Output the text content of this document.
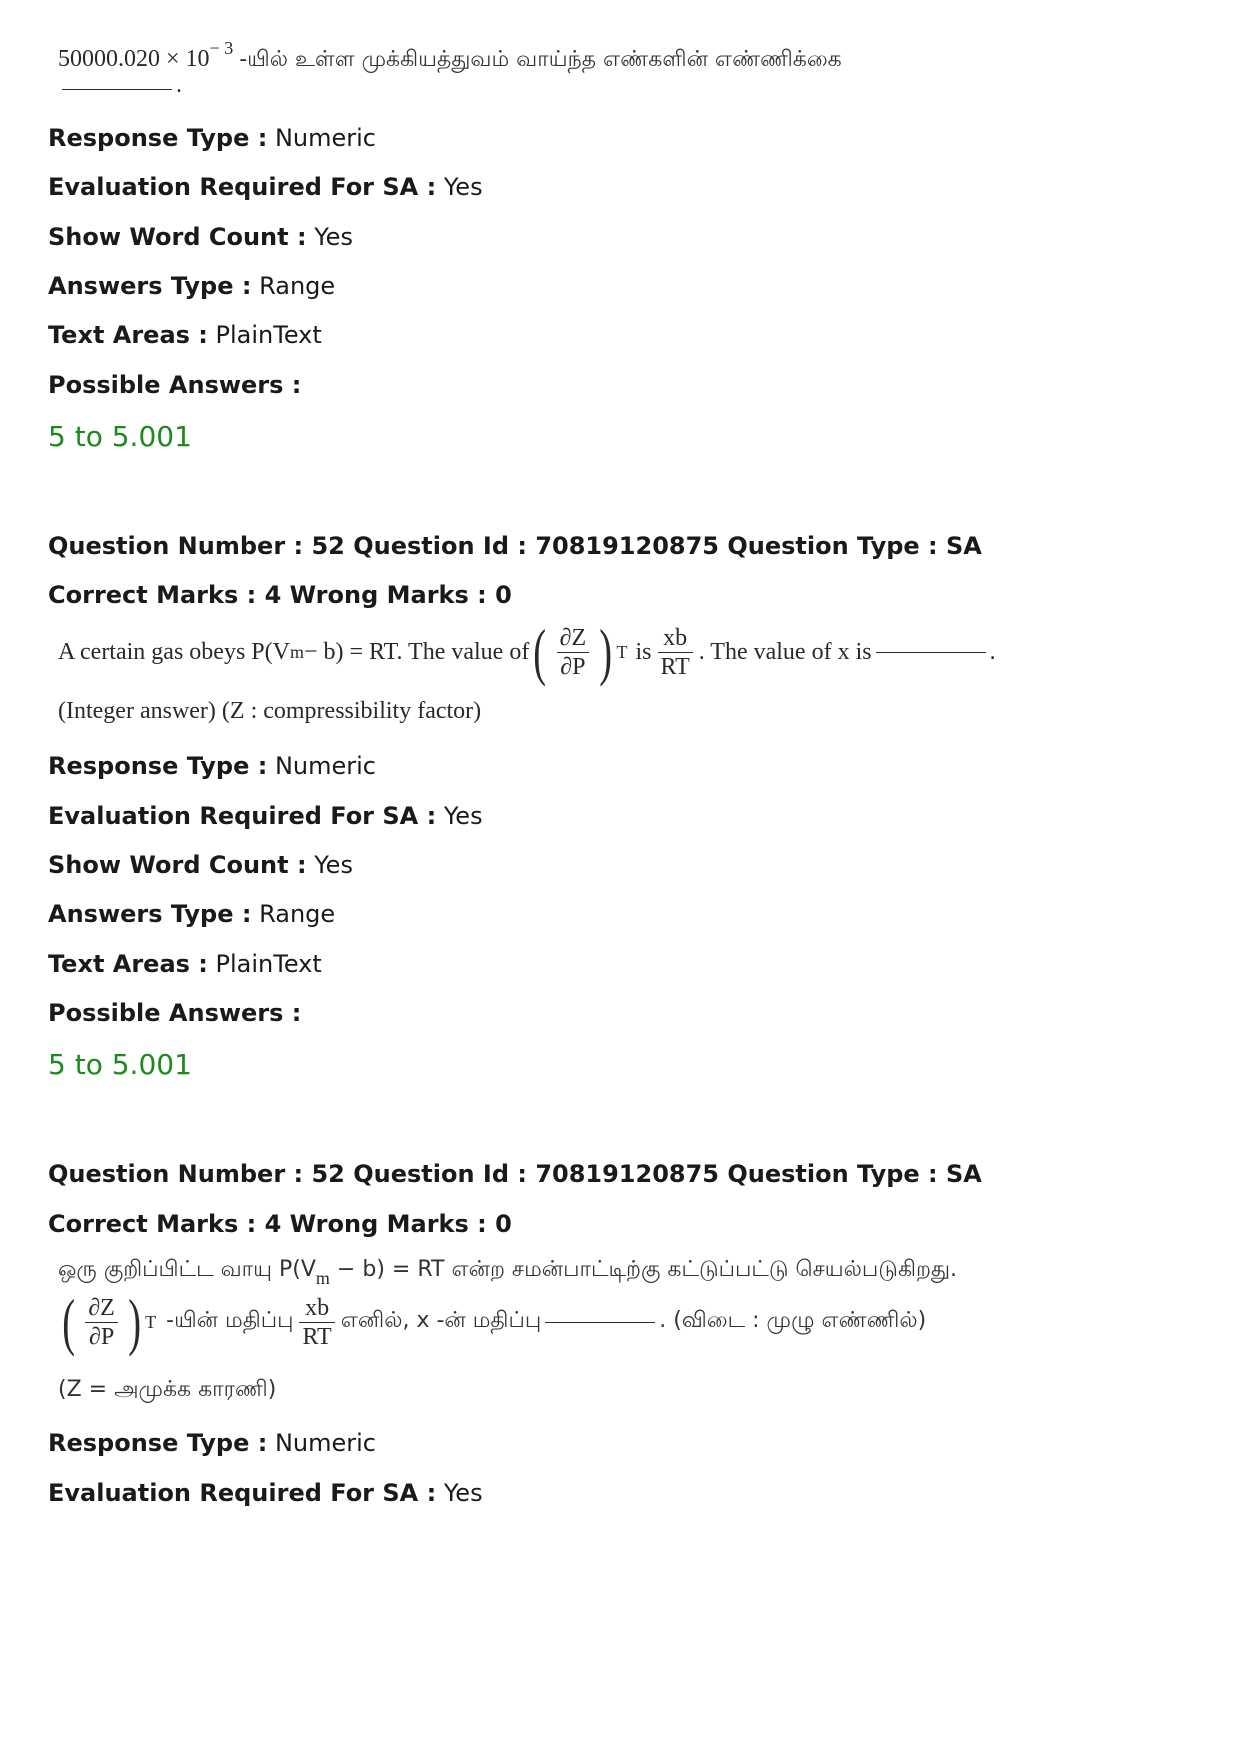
$50000.020 \times 10^{- 3}$ -யில் உள்ள முக்கியத்துவம் வாய்ந்த எண்களின் எண்ணிக்கை
.
Response Type : Numeric
Evaluation Required For SA : Yes
Show Word Count : Yes
Answers Type : Range
Text Areas : PlainText
Possible Answers :
5 to 5.001
Question Number : 52 Question Id : 70819120875 Question Type : SA
Correct Marks : 4 Wrong Marks : 0
A certain gas obeys P(V m − b) = RT. The value of ( $\frac{\partial Z}{\partial P}$ ) T is $\frac{xb}{RT}$ . The value of x is	.
(Integer answer) (Z : compressibility factor)
Response Type : Numeric
Evaluation Required For SA : Yes
Show Word Count : Yes
Answers Type : Range
Text Areas : PlainText
Possible Answers :
5 to 5.001
Question Number : 52 Question Id : 70819120875 Question Type : SA
Correct Marks : 4 Wrong Marks : 0
ஒரு குறிப்பிட்ட வாயு $P(V_m - b)$ = RT என்ற சமன்பாட்டிற்கு கட்டுப்பட்டு செயல்படுகிறது.
( $\frac{\partial Z}{\partial P}$ ) T -யின் மதிப்பு $\frac{xb}{RT}$ எனில், x -ன் மதிப்பு	. (விடை : முழு எண்ணில்)
(Z = அமுக்க காரணி)
Response Type : Numeric
Evaluation Required For SA : Yes
